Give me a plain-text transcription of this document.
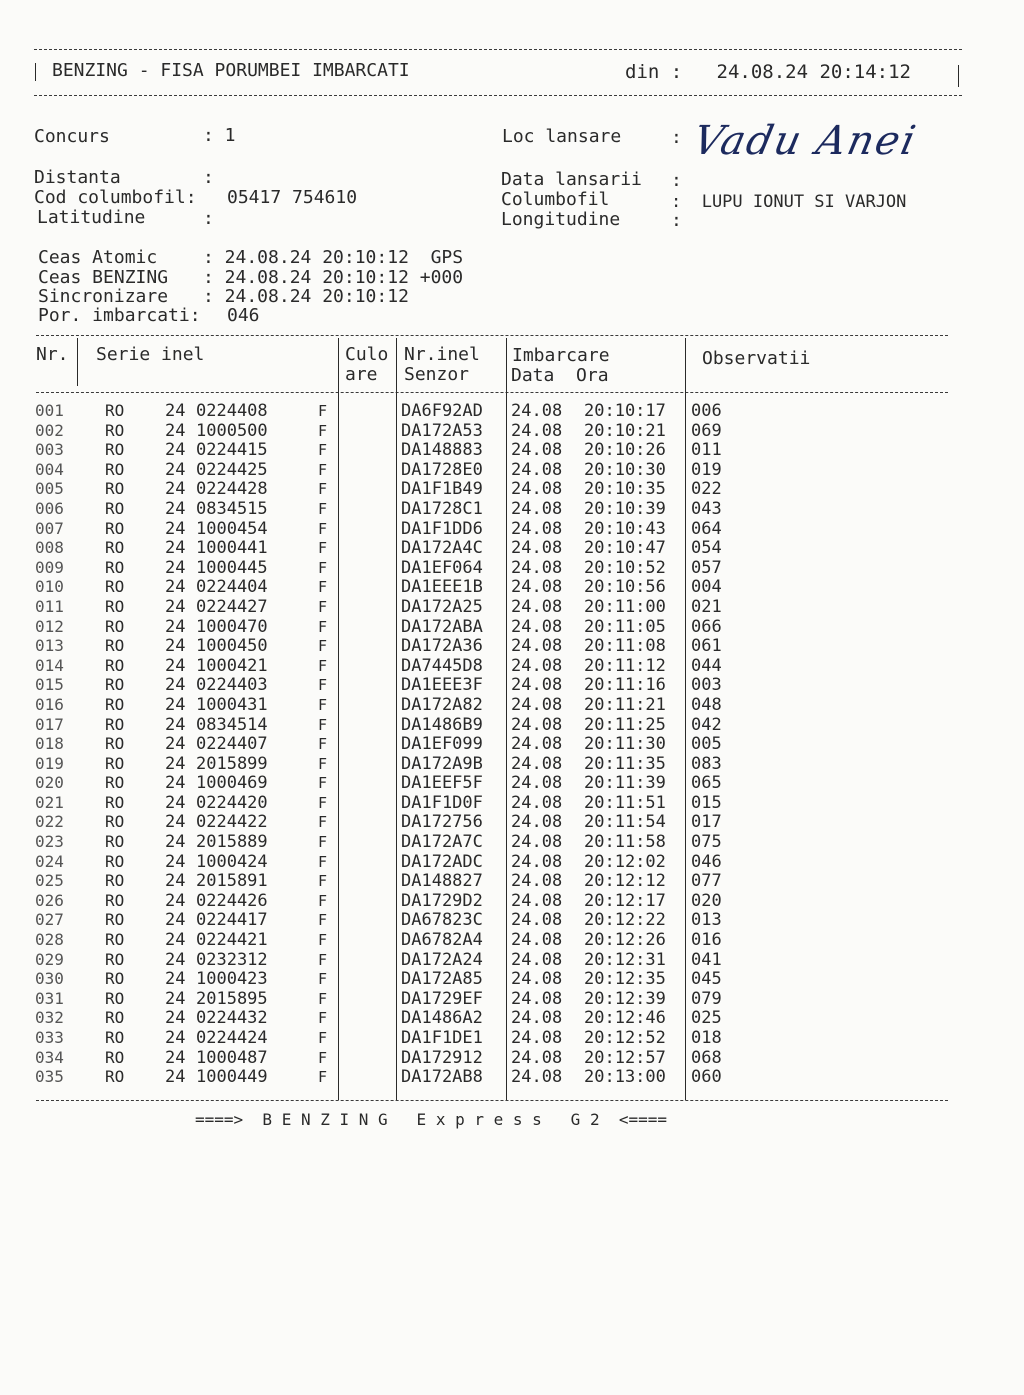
BENZING - FISA PORUMBEI IMBARCATI	din : 24.08.24 20:14:12
Concurs	: 1	Loc lansare	: Vadu Anei
Distanta	:	Data lansarii :
Cod columbofil: 05417 754610	Columbofil	:  LUPU IONUT SI VARJON
Latitudine	:	Longitudine	:
Ceas Atomic	: 24.08.24 20:10:12  GPS
Ceas BENZING : 24.08.24 20:10:12 +000
Sincronizare : 24.08.24 20:10:12
Por. imbarcati: 046
Nr. Serie inel	Culo
are
Nr.inel
Senzor
Imbarcare
Data  Ora
Observatii
001	RO 24 0224408	F	DA6F92AD 24.08 20:10:17 006
002	RO 24 1000500	F	DA172A53 24.08 20:10:21 069
003	RO 24 0224415	F	DA148883 24.08 20:10:26 011
004	RO 24 0224425	F	DA1728E0 24.08 20:10:30 019
005	RO 24 0224428	F	DA1F1B49 24.08 20:10:35 022
006	RO 24 0834515	F	DA1728C1 24.08 20:10:39 043
007	RO 24 1000454	F	DA1F1DD6 24.08 20:10:43 064
008	RO 24 1000441	F	DA172A4C 24.08 20:10:47 054
009	RO 24 1000445	F	DA1EF064 24.08 20:10:52 057
010	RO 24 0224404	F	DA1EEE1B 24.08 20:10:56 004
011	RO 24 0224427	F	DA172A25 24.08 20:11:00 021
012	RO 24 1000470	F	DA172ABA 24.08 20:11:05 066
013	RO 24 1000450	F	DA172A36 24.08 20:11:08 061
014	RO 24 1000421	F	DA7445D8 24.08 20:11:12 044
015	RO 24 0224403	F	DA1EEE3F 24.08 20:11:16 003
016	RO 24 1000431	F	DA172A82 24.08 20:11:21 048
017	RO 24 0834514	F	DA1486B9 24.08 20:11:25 042
018	RO 24 0224407	F	DA1EF099 24.08 20:11:30 005
019	RO 24 2015899	F	DA172A9B 24.08 20:11:35 083
020	RO 24 1000469	F	DA1EEF5F 24.08 20:11:39 065
021	RO 24 0224420	F	DA1F1D0F 24.08 20:11:51 015
022	RO 24 0224422	F	DA172756 24.08 20:11:54 017
023	RO 24 2015889	F	DA172A7C 24.08 20:11:58 075
024	RO 24 1000424	F	DA172ADC 24.08 20:12:02 046
025	RO 24 2015891	F	DA148827 24.08 20:12:12 077
026	RO 24 0224426	F	DA1729D2 24.08 20:12:17 020
027	RO 24 0224417	F	DA67823C 24.08 20:12:22 013
028	RO 24 0224421	F	DA6782A4 24.08 20:12:26 016
029	RO 24 0232312	F	DA172A24 24.08 20:12:31 041
030	RO 24 1000423	F	DA172A85 24.08 20:12:35 045
031	RO 24 2015895	F	DA1729EF 24.08 20:12:39 079
032	RO 24 0224432	F	DA1486A2 24.08 20:12:46 025
033	RO 24 0224424	F	DA1F1DE1 24.08 20:12:52 018
034	RO 24 1000487	F	DA172912 24.08 20:12:57 068
035	RO 24 1000449	F	DA172AB8 24.08 20:13:00 060
====>  B E N Z I N G   E x p r e s s   G 2  <====
